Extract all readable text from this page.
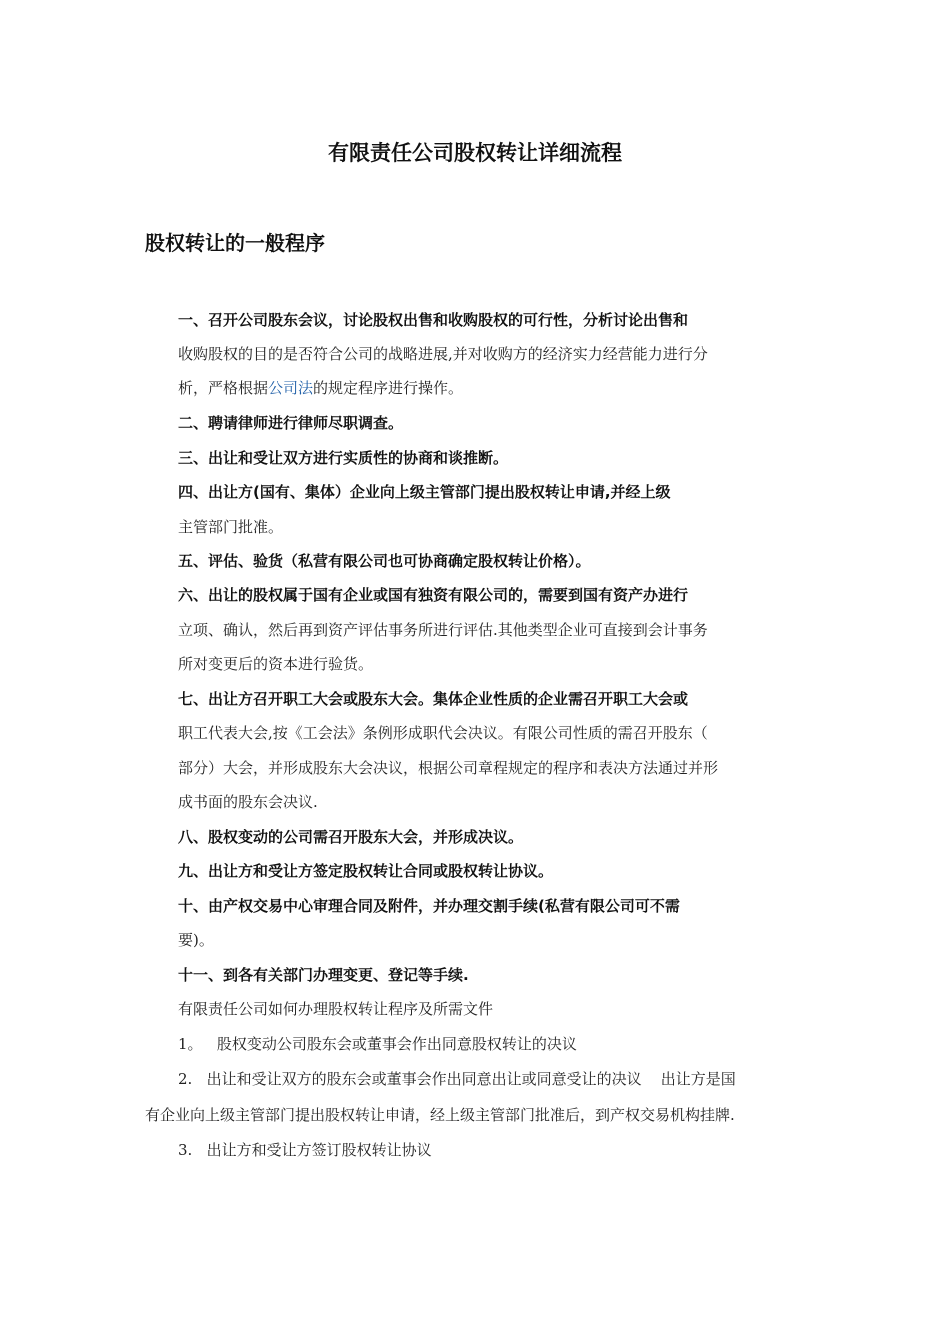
有限责任公司股权转让详细流程
股权转让的一般程序

一、召开公司股东会议，讨论股权出售和收购股权的可行性，分析讨论出售和

收购股权的目的是否符合公司的战略进展,并对收购方的经济实力经营能力进行分

析，严格根据公司法的规定程序进行操作。

二、聘请律师进行律师尽职调查。

三、出让和受让双方进行实质性的协商和谈推断。

四、出让方(国有、集体）企业向上级主管部门提出股权转让申请,并经上级

主管部门批准。

五、评估、验货（私营有限公司也可协商确定股权转让价格）。

六、出让的股权属于国有企业或国有独资有限公司的，需要到国有资产办进行

立项、确认，然后再到资产评估事务所进行评估.其他类型企业可直接到会计事务

所对变更后的资本进行验货。

七、出让方召开职工大会或股东大会。集体企业性质的企业需召开职工大会或

职工代表大会,按《工会法》条例形成职代会决议。有限公司性质的需召开股东（

部分）大会，并形成股东大会决议，根据公司章程规定的程序和表决方法通过并形

成书面的股东会决议.

八、股权变动的公司需召开股东大会，并形成决议。

九、出让方和受让方签定股权转让合同或股权转让协议。

十、由产权交易中心审理合同及附件，并办理交割手续(私营有限公司可不需

要)。

十一、到各有关部门办理变更、登记等手续.

有限责任公司如何办理股权转让程序及所需文件

1。   股权变动公司股东会或董事会作出同意股权转让的决议

2.   出让和受让双方的股东会或董事会作出同意出让或同意受让的决议    出让方是国

有企业向上级主管部门提出股权转让申请，经上级主管部门批准后，到产权交易机构挂牌.

3.   出让方和受让方签订股权转让协议
